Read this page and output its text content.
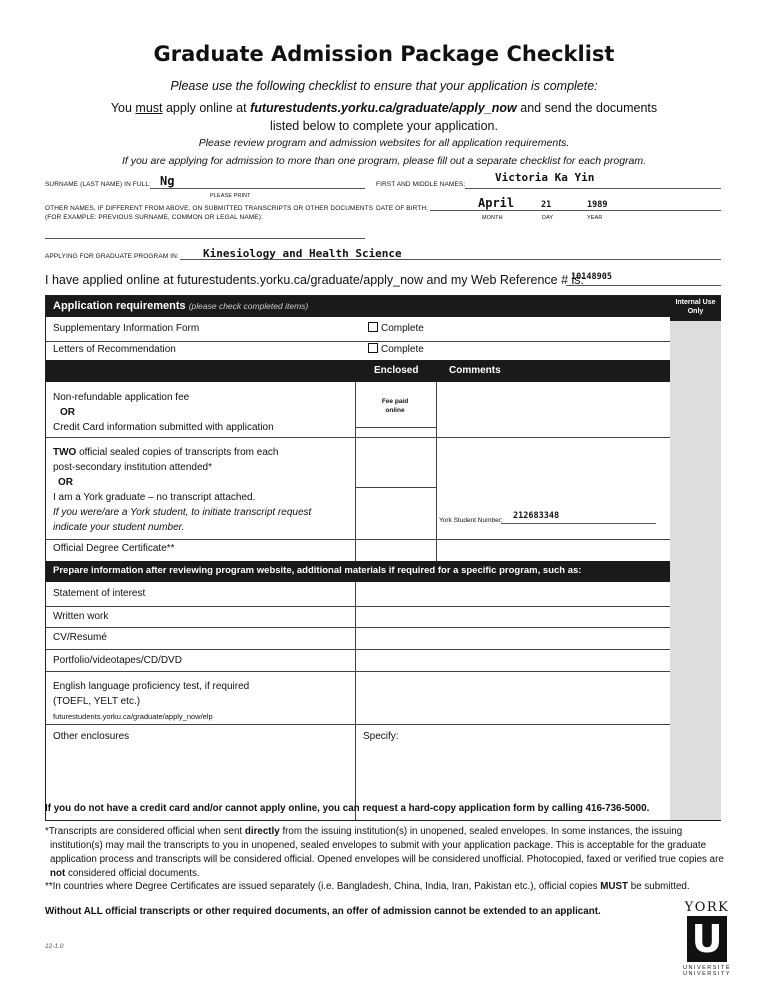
Graduate Admission Package Checklist
Please use the following checklist to ensure that your application is complete:
You must apply online at futurestudents.yorku.ca/graduate/apply_now and send the documents listed below to complete your application.
Please review program and admission websites for all application requirements.
If you are applying for admission to more than one program, please fill out a separate checklist for each program.
SURNAME (LAST NAME) IN FULL: Ng
PLEASE PRINT
FIRST AND MIDDLE NAMES:
Victoria Ka Yin
OTHER NAMES, IF DIFFERENT FROM ABOVE, ON SUBMITTED TRANSCRIPTS OR OTHER DOCUMENTS
(FOR EXAMPLE: PREVIOUS SURNAME, COMMON OR LEGAL NAME):
DATE OF BIRTH:	April	21	1989
MONTH	DAY	YEAR
APPLYING FOR GRADUATE PROGRAM IN: Kinesiology and Health Science
I have applied online at futurestudents.yorku.ca/graduate/apply_now and my Web Reference # is:
10148905
Internal Use Only
Application requirements (please check completed items)
Supplementary Information Form	Complete
Letters of Recommendation	Complete
Enclosed	Comments
Non-refundable application fee
OR
Credit Card information submitted with application
Fee paid online
TWO official sealed copies of transcripts from each
post-secondary institution attended*
OR
I am a York graduate – no transcript attached.
If you were/are a York student, to initiate transcript request
indicate your student number.
York Student Number: 212683348
Official Degree Certificate**
Prepare information after reviewing program website, additional materials if required for a specific program, such as:
Statement of interest
Written work
CV/Resumé
Portfolio/videotapes/CD/DVD
English language proficiency test, if required
(TOEFL, YELT etc.)
futurestudents.yorku.ca/graduate/apply_now/elp
Other enclosures	Specify:
If you do not have a credit card and/or cannot apply online, you can request a hard-copy application form by calling 416-736-5000.
*Transcripts are considered official when sent directly from the issuing institution(s) in unopened, sealed envelopes. In some instances, the issuing institution(s) may mail the transcripts to you in unopened, sealed envelopes to submit with your application package. This is acceptable for the graduate application process and transcripts will be considered official. Opened envelopes will be considered unofficial. Photocopied, faxed or verified true copies are not considered official documents.
**In countries where Degree Certificates are issued separately (i.e. Bangladesh, China, India, Iran, Pakistan etc.), official copies MUST be submitted.
Without ALL official transcripts or other required documents, an offer of admission cannot be extended to an applicant.
12-1.0
YORK
U
UNIVERSITÉ
UNIVERSITY
